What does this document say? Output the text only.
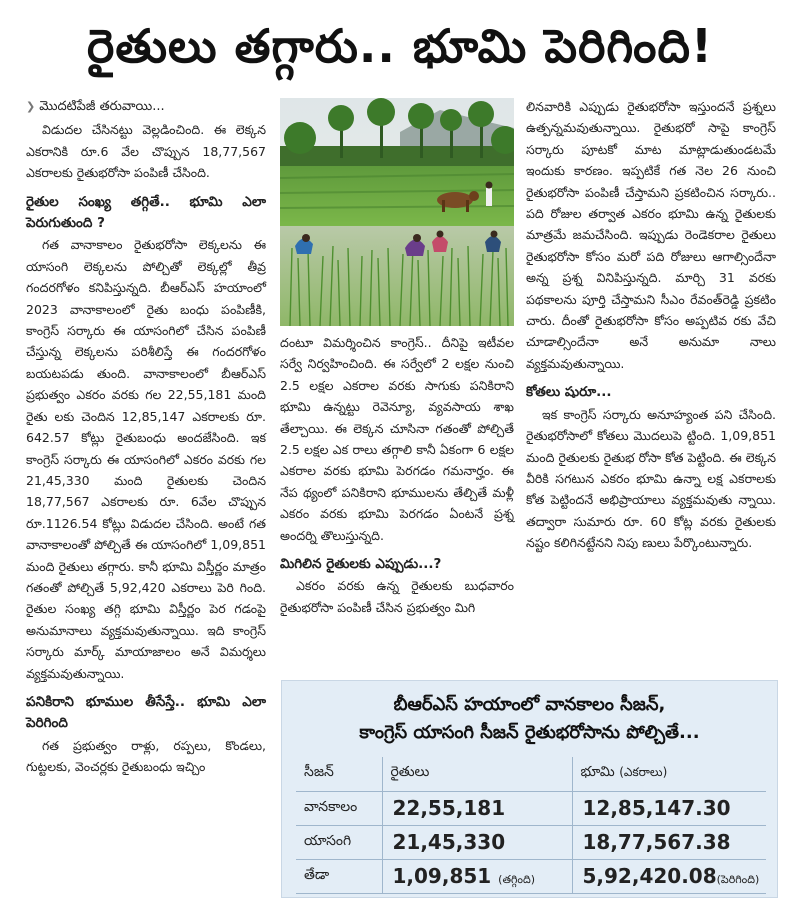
రైతులు తగ్గారు.. భూమి పెరిగింది!
❯ మొదటిపేజీ తరువాయి...
విడుదల చేసినట్టు వెల్లడించింది. ఈ లెక్కన ఎకరానికి రూ.6 వేల చొప్పున 18,77,567 ఎకరాలకు రైతుభరోసా పంపిణీ చేసింది.
రైతుల సంఖ్య తగ్గితే.. భూమి ఎలా పెరుగుతుంది ?
గత వానాకాలం రైతుభరోసా లెక్కలను ఈ యాసంగి లెక్కలను పోల్చితో లెక్కల్లో తీవ్ర గందరగోళం కనిపిస్తున్నది. బీఆర్ఎస్ హయాంలో 2023 వానాకాలంలో రైతు బంధు పంపిణీకి, కాంగ్రెస్ సర్కారు ఈ యాసంగిలో చేసిన పంపిణీ చేస్తున్న లెక్కలను పరిశీలిస్తే ఈ గందరగోళం బయటపడు తుంది. వానాకాలంలో బీఆర్ఎస్ ప్రభుత్వం ఎకరం వరకు గల 22,55,181 మంది రైతు లకు చెందిన 12,85,147 ఎకరాలకు రూ. 642.57 కోట్లు రైతుబంధు అందజేసింది. ఇక కాంగ్రెస్ సర్కారు ఈ యాసంగిలో ఎకరం వరకు గల 21,45,330 మంది రైతులకు చెందిన 18,77,567 ఎకరాలకు రూ. 6వేల చొప్పున రూ.1126.54 కోట్లు విడుదల చేసింది. అంటే గత వానాకాలంతో పోల్చితే ఈ యాసంగిలో 1,09,851 మంది రైతులు తగ్గారు. కానీ భూమి విస్తీర్ణం మాత్రం గతంతో పోల్చితే 5,92,420 ఎకరాలు పెరి గింది. రైతుల సంఖ్య తగ్గి భూమి విస్తీర్ణం పెర గడంపై అనుమానాలు వ్యక్తమవుతున్నాయి. ఇది కాంగ్రెస్ సర్కారు మార్క్ మాయాజాలం అనే విమర్శలు వ్యక్తమవుతున్నాయి.
పనికిరాని భూముల తీసేస్తే.. భూమి ఎలా పెరిగింది
గత ప్రభుత్వం రాళ్లు, రప్పలు, కొండలు, గుట్టలకు, వెంచర్లకు రైతుబంధు ఇచ్చిం
దంటూ విమర్శించిన కాంగ్రెస్.. దీనిపై ఇటీవల సర్వే నిర్వహించింది. ఈ సర్వేలో 2 లక్షల నుంచి 2.5 లక్షల ఎకరాల వరకు సాగుకు పనికిరాని భూమి ఉన్నట్టు రెవెన్యూ, వ్యవసాయ శాఖ తేల్చాయి. ఈ లెక్కన చూసినా గతంతో పోల్చితే 2.5 లక్షల ఎక రాలు తగ్గాలి కానీ ఏకంగా 6 లక్షల ఎకరాల వరకు భూమి పెరగడం గమనార్హం. ఈ నేప థ్యంలో పనికిరాని భూములను తేల్చితే మళ్లీ ఎకరం వరకు భూమి పెరగడం ఏంటనే ప్రశ్న అందర్ని తొలుస్తున్నది.
మిగిలిన రైతులకు ఎప్పుడు...?
ఎకరం వరకు ఉన్న రైతులకు బుధవారం రైతుభరోసా పంపిణీ చేసిన ప్రభుత్వం మిగి
లినవారికి ఎప్పుడు రైతుభరోసా ఇస్తుందనే ప్రశ్నలు ఉత్పన్నమవుతున్నాయి. రైతుభరో సాపై కాంగ్రెస్ సర్కారు పూటకో మాట మాట్లాడుతుండటమే ఇందుకు కారణం. ఇప్పటికే గత నెల 26 నుంచి రైతుభరోసా పంపిణీ చేస్తామని ప్రకటించిన సర్కారు.. పది రోజుల తర్వాత ఎకరం భూమి ఉన్న రైతులకు మాత్రమే జమచేసింది. ఇప్పుడు రెండెకరాల రైతులు రైతుభరోసా కోసం మరో పది రోజులు ఆగాల్సిందేనా అన్న ప్రశ్న వినిపిస్తున్నది. మార్చి 31 వరకు పథకాలను పూర్తి చేస్తామని సీఎం రేవంత్‌రెడ్డి ప్రకటిం చారు. దీంతో రైతుభరోసా కోసం అప్పటివ రకు వేచి చూడాల్సిందేనా అనే అనుమా నాలు వ్యక్తమవుతున్నాయి.
కోతలు షురూ...
ఇక కాంగ్రెస్ సర్కారు అనూహ్యంత పని చేసింది. రైతుభరోసాలో కోతలు మొదలుపె ట్టింది. 1,09,851 మంది రైతులకు రైతుభ రోసా కోత పెట్టింది. ఈ లెక్కన వీరికి సగటున ఎకరం భూమి ఉన్నా లక్ష ఎకరాలకు కోత పెట్టిందనే అభిప్రాయాలు వ్యక్తమవుతు న్నాయి. తద్వారా సుమారు రూ. 60 కోట్ల వరకు రైతులకు నష్టం కలిగినట్టేనని నిపు ణులు పేర్కొంటున్నారు.
బీఆర్ఎస్ హయాంలో వానకాలం సీజన్,
కాంగ్రెస్ యాసంగి సీజన్ రైతుభరోసాను పోల్చితే...
సీజన్	రైతులు	భూమి (ఎకరాలు)
వానకాలం	22,55,181	12,85,147.30
యాసంగి	21,45,330	18,77,567.38
తేడా	1,09,851 (తగ్గింది)	5,92,420.08(పెరిగింది)
